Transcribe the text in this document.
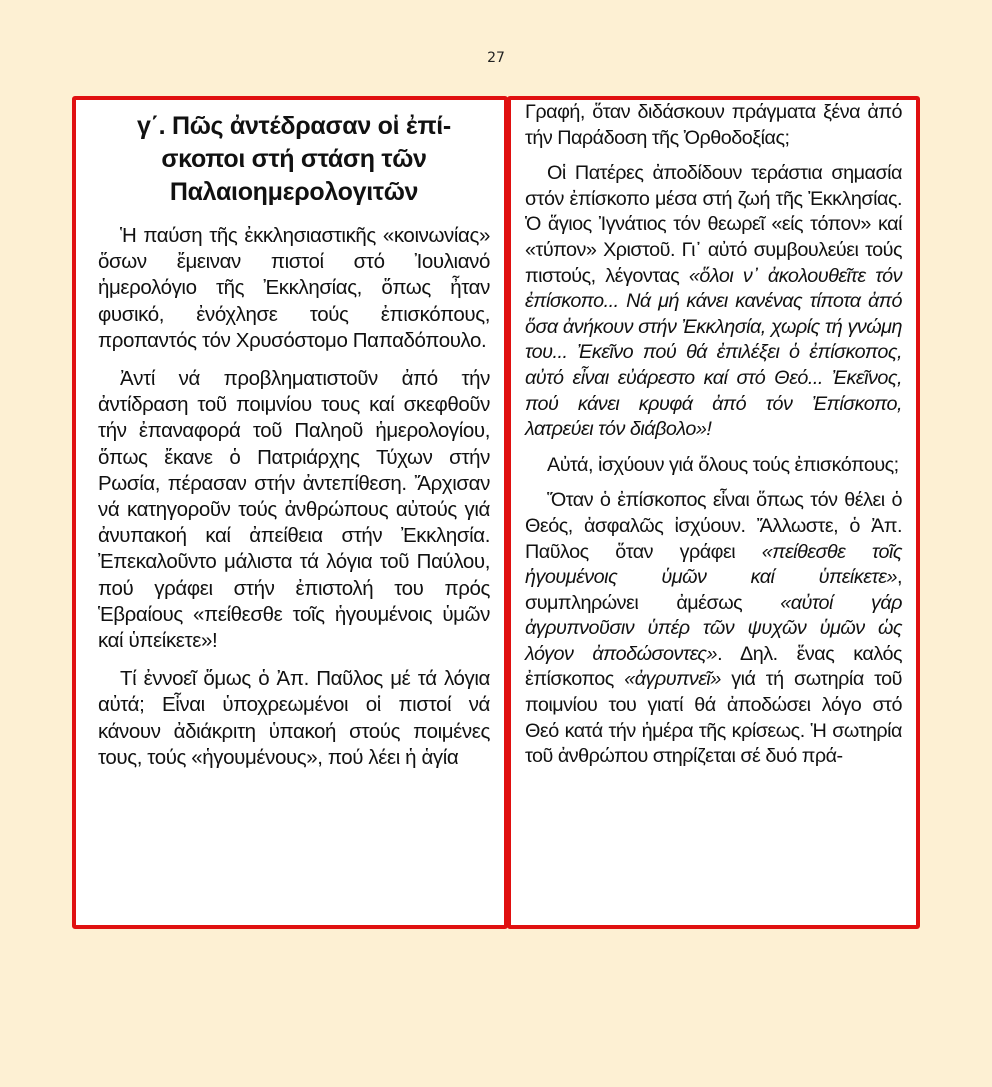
27
γ΄. Πῶς ἀντέδρασαν οἱ ἐπί-
σκοποι στή στάση τῶν
Παλαιοημερολογιτῶν

Ἡ παύση τῆς ἐκκλησιαστικῆς «κοινωνίας» ὅσων ἔμειναν πιστοί στό Ἰουλιανό ἡμερολόγιο τῆς Ἐκκλησίας, ὅπως ἦταν φυσικό, ἐνόχλησε τούς ἐπισκόπους, προπαντός τόν Χρυσόστομο Παπαδόπουλο.

Ἀντί νά προβληματιστοῦν ἀπό τήν ἀντίδραση τοῦ ποιμνίου τους καί σκεφθοῦν τήν ἐπαναφορά τοῦ Παληοῦ ἡμερολογίου, ὅπως ἔκανε ὁ Πατριάρχης Τύχων στήν Ρωσία, πέρασαν στήν ἀντεπίθεση. Ἄρχισαν νά κατηγοροῦν τούς ἀνθρώπους αὐτούς γιά ἀνυπακοή καί ἀπείθεια στήν Ἐκκλησία. Ἐπεκαλοῦντο μάλιστα τά λόγια τοῦ Παύλου, πού γράφει στήν ἐπιστολή του πρός Ἑβραίους «πείθεσθε τοῖς ἡγουμένοις ὑμῶν καί ὑπείκετε»!

Τί ἐννοεῖ ὅμως ὁ Ἀπ. Παῦλος μέ τά λόγια αὐτά; Εἶναι ὑποχρεωμένοι οἱ πιστοί νά κάνουν ἀδιάκριτη ὑπακοή στούς ποιμένες τους, τούς «ἡγουμένους», πού λέει ἡ ἁγία

Γραφή, ὅταν διδάσκουν πράγματα ξένα ἀπό τήν Παράδοση τῆς Ὀρθοδοξίας;

Οἱ Πατέρες ἀποδίδουν τεράστια σημασία στόν ἐπίσκοπο μέσα στή ζωή τῆς Ἐκκλησίας. Ὁ ἅγιος Ἰγνάτιος τόν θεωρεῖ «είς τόπον» καί «τύπον» Χριστοῦ. Γι᾽ αὐτό συμβουλεύει τούς πιστούς, λέγοντας «ὅλοι ν᾽ ἀκολουθεῖτε τόν ἐπίσκοπο... Νά μή κάνει κανένας τίποτα ἀπό ὅσα ἀνήκουν στήν Ἐκκλησία, χωρίς τή γνώμη του... Ἐκεῖνο πού θά ἐπιλέξει ὁ ἐπίσκοπος, αὐτό εἶναι εὐάρεστο καί στό Θεό... Ἐκεῖνος, πού κάνει κρυφά ἀπό τόν Ἐπίσκοπο, λατρεύει τόν διάβολο»!

Αὐτά, ἰσχύουν γιά ὅλους τούς ἐπισκόπους;

Ὅταν ὁ ἐπίσκοπος εἶναι ὅπως τόν θέλει ὁ Θεός, ἀσφαλῶς ἰσχύουν. Ἄλλωστε, ὁ Ἀπ. Παῦλος ὅταν γράφει «πείθεσθε τοῖς ἡγουμένοις ὑμῶν καί ὑπείκετε», συμπληρώνει ἀμέσως «αὐτοί γάρ ἀγρυπνοῦσιν ὑπέρ τῶν ψυχῶν ὑμῶν ὡς λόγον ἀποδώσοντες». Δηλ. ἕνας καλός ἐπίσκοπος «ἀγρυπνεῖ» γιά τή σωτηρία τοῦ ποιμνίου του γιατί θά ἀποδώσει λόγο στό Θεό κατά τήν ἡμέρα τῆς κρίσεως. Ἡ σωτηρία τοῦ ἀνθρώπου στηρίζεται σέ δυό πρά-
